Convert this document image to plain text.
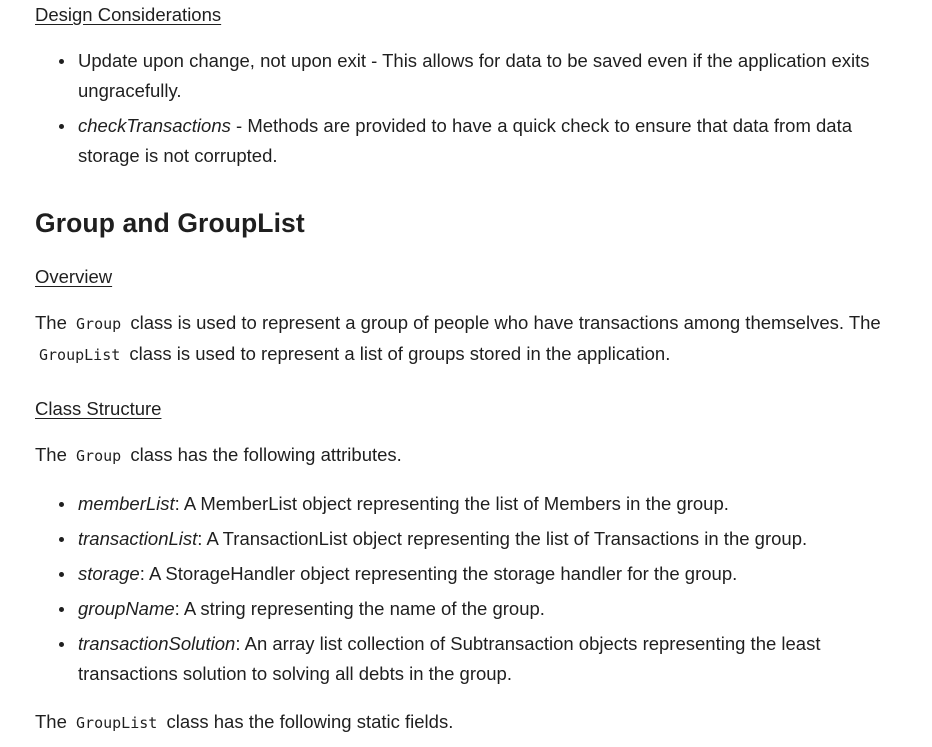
Design Considerations
• Update upon change, not upon exit - This allows for data to be saved even if the application exits ungracefully.
• checkTransactions - Methods are provided to have a quick check to ensure that data from data storage is not corrupted.
Group and GroupList
Overview

The Group class is used to represent a group of people who have transactions among themselves. The GroupList class is used to represent a list of groups stored in the application.

Class Structure

The Group class has the following attributes.

• memberList: A MemberList object representing the list of Members in the group.
• transactionList: A TransactionList object representing the list of Transactions in the group.
• storage: A StorageHandler object representing the storage handler for the group.
• groupName: A string representing the name of the group.
• transactionSolution: An array list collection of Subtransaction objects representing the least transactions solution to solving all debts in the group.

The GroupList class has the following static fields.
